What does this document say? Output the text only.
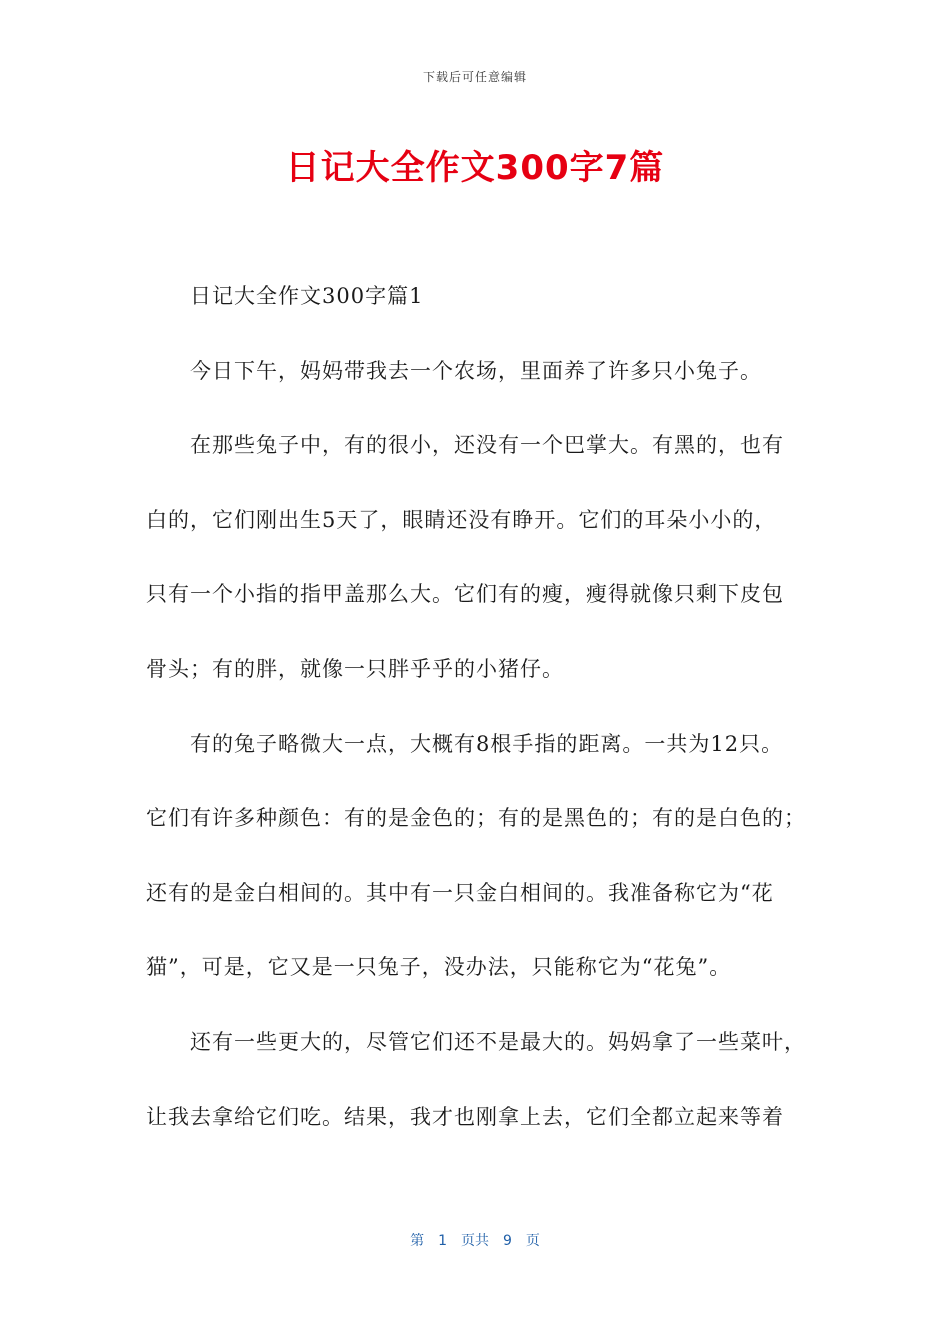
下载后可任意编辑
日记大全作文300字7篇

　　日记大全作文300字篇1

　　今日下午，妈妈带我去一个农场，里面养了许多只小兔子。

　　在那些兔子中，有的很小，还没有一个巴掌大。有黑的，也有

白的，它们刚出生5天了，眼睛还没有睁开。它们的耳朵小小的，

只有一个小指的指甲盖那么大。它们有的瘦，瘦得就像只剩下皮包

骨头；有的胖，就像一只胖乎乎的小猪仔。

　　有的兔子略微大一点，大概有8根手指的距离。一共为12只。

它们有许多种颜色：有的是金色的；有的是黑色的；有的是白色的；

还有的是金白相间的。其中有一只金白相间的。我准备称它为“花

猫”，可是，它又是一只兔子，没办法，只能称它为“花兔”。

　　还有一些更大的，尽管它们还不是最大的。妈妈拿了一些菜叶，

让我去拿给它们吃。结果，我才也刚拿上去，它们全都立起来等着

第　1　页共　9　页
